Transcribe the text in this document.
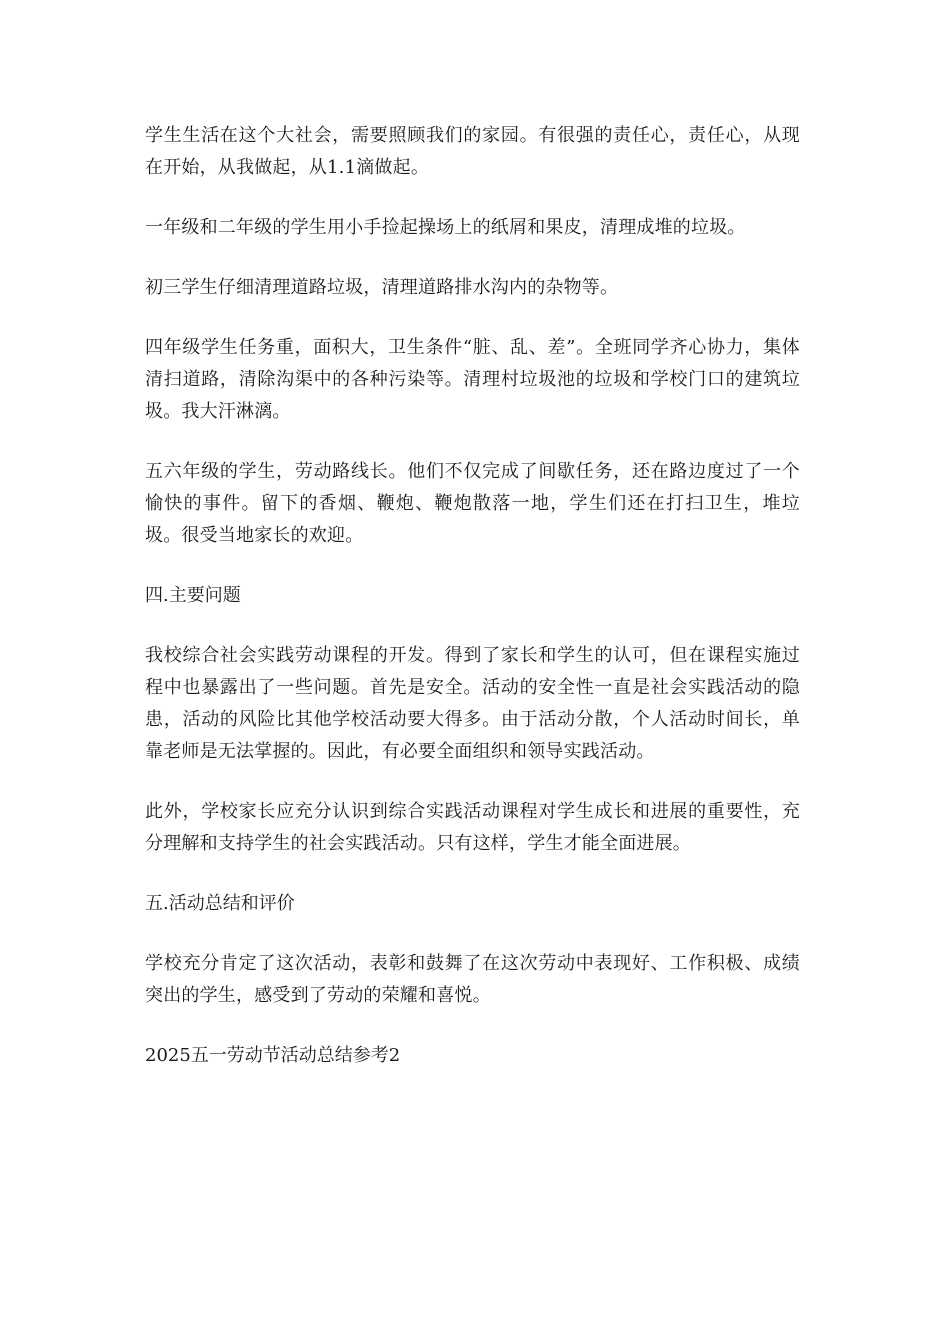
学生生活在这个大社会，需要照顾我们的家园。有很强的责任心，责任心，从现在开始，从我做起，从1.1滴做起。

一年级和二年级的学生用小手捡起操场上的纸屑和果皮，清理成堆的垃圾。

初三学生仔细清理道路垃圾，清理道路排水沟内的杂物等。

四年级学生任务重，面积大，卫生条件“脏、乱、差”。全班同学齐心协力，集体清扫道路，清除沟渠中的各种污染等。清理村垃圾池的垃圾和学校门口的建筑垃圾。我大汗淋漓。

五六年级的学生，劳动路线长。他们不仅完成了间歇任务，还在路边度过了一个愉快的事件。留下的香烟、鞭炮、鞭炮散落一地，学生们还在打扫卫生，堆垃圾。很受当地家长的欢迎。

四.主要问题

我校综合社会实践劳动课程的开发。得到了家长和学生的认可，但在课程实施过程中也暴露出了一些问题。首先是安全。活动的安全性一直是社会实践活动的隐患，活动的风险比其他学校活动要大得多。由于活动分散，个人活动时间长，单靠老师是无法掌握的。因此，有必要全面组织和领导实践活动。

此外，学校家长应充分认识到综合实践活动课程对学生成长和进展的重要性，充分理解和支持学生的社会实践活动。只有这样，学生才能全面进展。

五.活动总结和评价

学校充分肯定了这次活动，表彰和鼓舞了在这次劳动中表现好、工作积极、成绩突出的学生，感受到了劳动的荣耀和喜悦。

2025五一劳动节活动总结参考2
